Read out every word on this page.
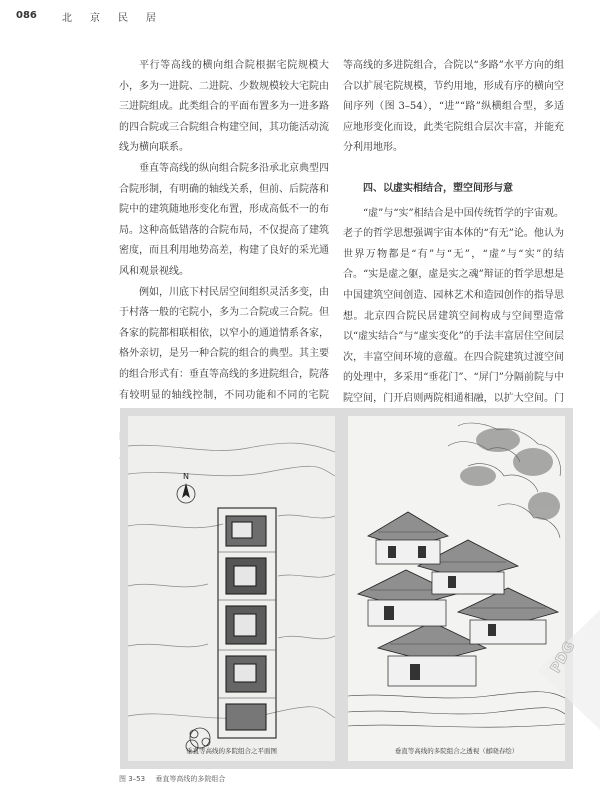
086	北京民居

平行等高线的横向组合院根据宅院规模大小，多为一进院、二进院、少数规模较大宅院由三进院组成。此类组合的平面布置多为一进多路的四合院或三合院组合构建空间，其功能活动流线为横向联系。

垂直等高线的纵向组合院多沿承北京典型四合院形制，有明确的轴线关系，但前、后院落和院中的建筑随地形变化布置，形成高低不一的布局。这种高低错落的合院布局，不仅提高了建筑密度，而且利用地势高差，构建了良好的采光通风和观景视线。

例如，川底下村民居空间组织灵活多变，由于村落一般的宅院小，多为二合院或三合院。但各家的院都相联相依，以窄小的通道情系各家，格外亲切，是另一种合院的组合的典型。其主要的组合形式有：垂直等高线的多进院组合，院落有较明显的轴线控制，不同功能和不同的宅院

等高线的多进院组合，合院以“多路”水平方向的组合以扩展宅院规模，节约用地，形成有序的横向空间序列（图 3–54），“进”“路”纵横组合型，多适应地形变化而设，此类宅院组合层次丰富，并能充分利用地形。

四、以虚实相结合，塑空间形与意

“虚”与“实”相结合是中国传统哲学的宇宙观。老子的哲学思想强调宇宙本体的“有无”论。他认为世界万物都是“有”与“无”，“虚”与“实”的结合。“实是虚之躯，虚是实之魂”辩证的哲学思想是中国建筑空间创造、园林艺术和造园创作的指导思想。北京四合院民居建筑空间构成与空间塑造常以“虚实结合”与“虚实变化”的手法丰富居住空间层次，丰富空间环境的意蕴。在四合院建筑过渡空间的处理中，多采用“垂花门”、“屏门”分隔前院与中院空间，门开启则两院相通相融，以扩大空间。门

N
垂直等高线的多院组合之平面图	垂直等高线的多院组合之透视（邮晓春绘）
图 3–53 垂直等高线的多院组合
PDG
